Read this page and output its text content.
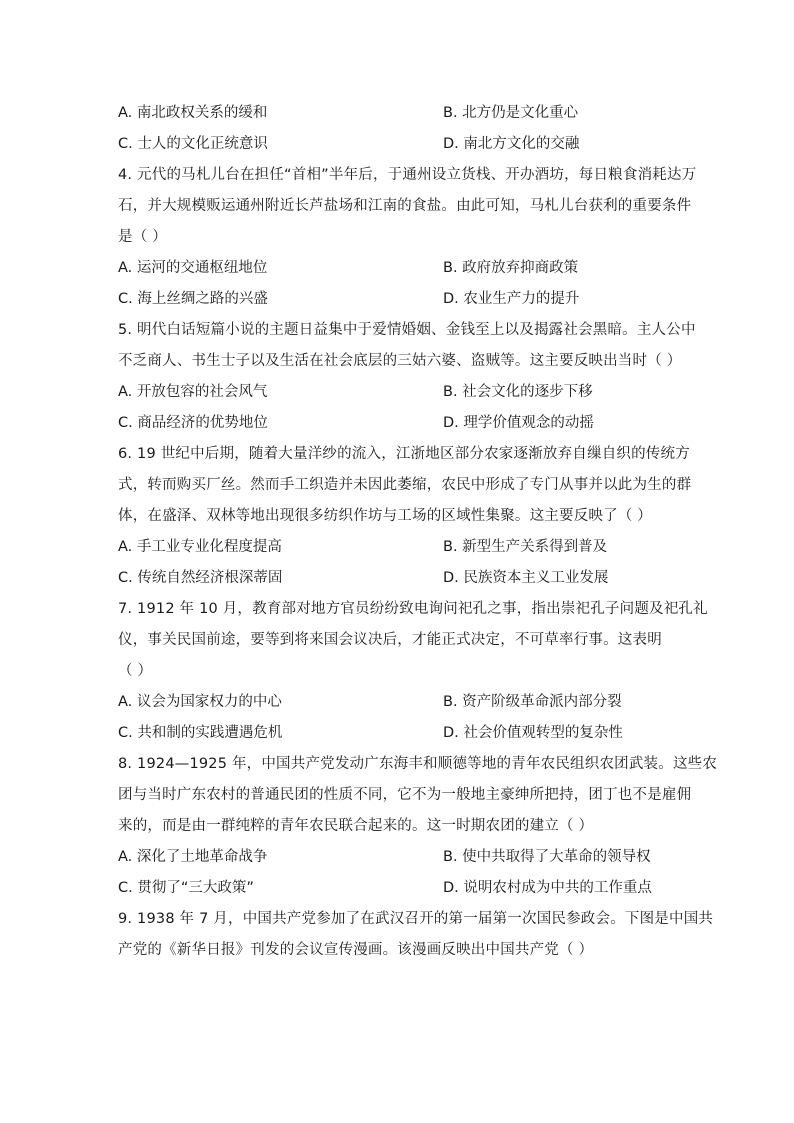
A. 南北政权关系的缓和	B. 北方仍是文化重心
C. 士人的文化正统意识	D. 南北方文化的交融
4. 元代的马札儿台在担任“首相”半年后，于通州设立货栈、开办酒坊，每日粮食消耗达万
石，并大规模贩运通州附近长芦盐场和江南的食盐。由此可知，马札儿台获利的重要条件
是（ ）
A. 运河的交通枢纽地位	B. 政府放弃抑商政策
C. 海上丝绸之路的兴盛	D. 农业生产力的提升
5. 明代白话短篇小说的主题日益集中于爱情婚姻、金钱至上以及揭露社会黑暗。主人公中
不乏商人、书生士子以及生活在社会底层的三姑六婆、盗贼等。这主要反映出当时（ ）
A. 开放包容的社会风气	B. 社会文化的逐步下移
C. 商品经济的优势地位	D. 理学价值观念的动摇
6. 19 世纪中后期，随着大量洋纱的流入，江浙地区部分农家逐渐放弃自缫自织的传统方
式，转而购买厂丝。然而手工织造并未因此萎缩，农民中形成了专门从事并以此为生的群
体，在盛泽、双林等地出现很多纺织作坊与工场的区域性集聚。这主要反映了（ ）
A. 手工业专业化程度提高	B. 新型生产关系得到普及
C. 传统自然经济根深蒂固	D. 民族资本主义工业发展
7. 1912 年 10 月，教育部对地方官员纷纷致电询问祀孔之事，指出崇祀孔子问题及祀孔礼
仪，事关民国前途，要等到将来国会议决后，才能正式决定，不可草率行事。这表明
（ ）
A. 议会为国家权力的中心	B. 资产阶级革命派内部分裂
C. 共和制的实践遭遇危机	D. 社会价值观转型的复杂性
8. 1924—1925 年，中国共产党发动广东海丰和顺德等地的青年农民组织农团武装。这些农
团与当时广东农村的普通民团的性质不同，它不为一般地主豪绅所把持，团丁也不是雇佣
来的，而是由一群纯粹的青年农民联合起来的。这一时期农团的建立（ ）
A. 深化了土地革命战争	B. 使中共取得了大革命的领导权
C. 贯彻了“三大政策”	D. 说明农村成为中共的工作重点
9. 1938 年 7 月，中国共产党参加了在武汉召开的第一届第一次国民参政会。下图是中国共
产党的《新华日报》刊发的会议宣传漫画。该漫画反映出中国共产党（ ）
